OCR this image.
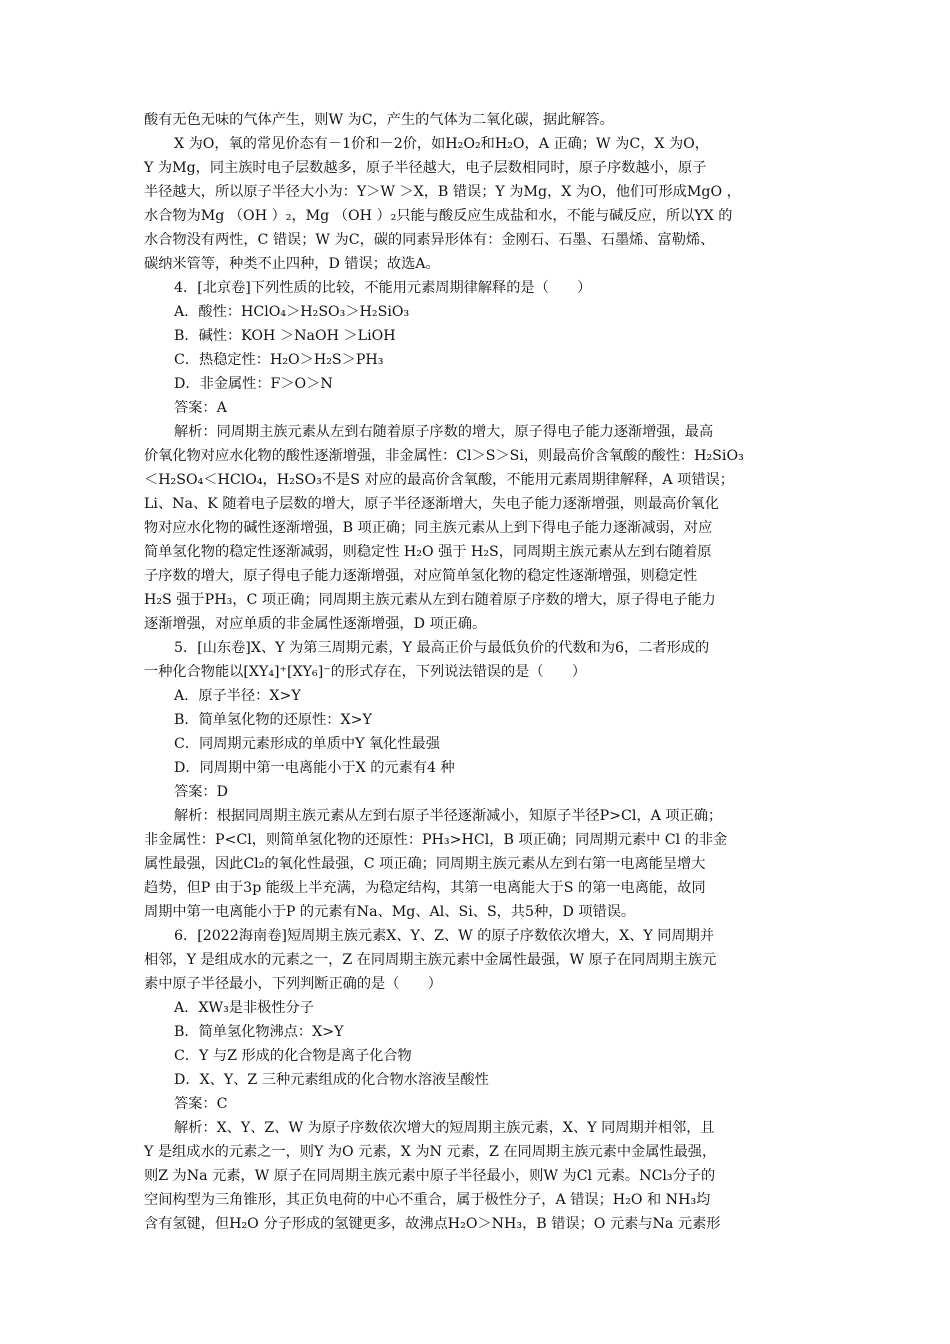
酸有无色无味的气体产生，则W 为C，产生的气体为二氧化碳，据此解答。
X 为O，氧的常见价态有－1价和－2价，如H₂O₂和H₂O，A 正确；W 为C，X 为O，
Y 为Mg，同主族时电子层数越多，原子半径越大，电子层数相同时，原子序数越小，原子
半径越大，所以原子半径大小为：Y＞W ＞X，B 错误；Y 为Mg，X 为O，他们可形成MgO ，
水合物为Mg （OH ）₂，Mg （OH ）₂只能与酸反应生成盐和水，不能与碱反应，所以YX 的
水合物没有两性，C 错误；W 为C，碳的同素异形体有：金刚石、石墨、石墨烯、富勒烯、
碳纳米管等，种类不止四种，D 错误；故选A。
4．[北京卷]下列性质的比较，不能用元素周期律解释的是（　　）
A．酸性：HClO₄＞H₂SO₃＞H₂SiO₃
B．碱性：KOH ＞NaOH ＞LiOH
C．热稳定性：H₂O＞H₂S＞PH₃
D．非金属性：F＞O＞N
答案：A
解析：同周期主族元素从左到右随着原子序数的增大，原子得电子能力逐渐增强，最高
价氧化物对应水化物的酸性逐渐增强，非金属性：Cl＞S＞Si，则最高价含氧酸的酸性：H₂SiO₃
＜H₂SO₄＜HClO₄，H₂SO₃不是S 对应的最高价含氧酸，不能用元素周期律解释，A 项错误；
Li、Na、K 随着电子层数的增大，原子半径逐渐增大，失电子能力逐渐增强，则最高价氧化
物对应水化物的碱性逐渐增强，B 项正确；同主族元素从上到下得电子能力逐渐减弱，对应
简单氢化物的稳定性逐渐减弱，则稳定性 H₂O 强于 H₂S，同周期主族元素从左到右随着原
子序数的增大，原子得电子能力逐渐增强，对应简单氢化物的稳定性逐渐增强，则稳定性
H₂S 强于PH₃，C 项正确；同周期主族元素从左到右随着原子序数的增大，原子得电子能力
逐渐增强，对应单质的非金属性逐渐增强，D 项正确。
5．[山东卷]X、Y 为第三周期元素，Y 最高正价与最低负价的代数和为6，二者形成的
一种化合物能以[XY₄]⁺[XY₆]⁻的形式存在，下列说法错误的是（　　）
A．原子半径：X>Y
B．简单氢化物的还原性：X>Y
C．同周期元素形成的单质中Y 氧化性最强
D．同周期中第一电离能小于X 的元素有4 种
答案：D
解析：根据同周期主族元素从左到右原子半径逐渐减小，知原子半径P>Cl，A 项正确；
非金属性：P<Cl，则简单氢化物的还原性：PH₃>HCl，B 项正确；同周期元素中 Cl 的非金
属性最强，因此Cl₂的氧化性最强，C 项正确；同周期主族元素从左到右第一电离能呈增大
趋势，但P 由于3p 能级上半充满，为稳定结构，其第一电离能大于S 的第一电离能，故同
周期中第一电离能小于P 的元素有Na、Mg、Al、Si、S，共5种，D 项错误。
6．[2022海南卷]短周期主族元素X、Y、Z、W 的原子序数依次增大，X、Y 同周期并
相邻，Y 是组成水的元素之一，Z 在同周期主族元素中金属性最强，W 原子在同周期主族元
素中原子半径最小，下列判断正确的是（　　）
A．XW₃是非极性分子
B．简单氢化物沸点：X>Y
C．Y 与Z 形成的化合物是离子化合物
D．X、Y、Z 三种元素组成的化合物水溶液呈酸性
答案：C
解析：X、Y、Z、W 为原子序数依次增大的短周期主族元素，X、Y 同周期并相邻，且
Y 是组成水的元素之一，则Y 为O 元素，X 为N 元素，Z 在同周期主族元素中金属性最强，
则Z 为Na 元素，W 原子在同周期主族元素中原子半径最小，则W 为Cl 元素。NCl₃分子的
空间构型为三角锥形，其正负电荷的中心不重合，属于极性分子，A 错误；H₂O 和 NH₃均
含有氢键，但H₂O 分子形成的氢键更多，故沸点H₂O＞NH₃，B 错误；O 元素与Na 元素形
